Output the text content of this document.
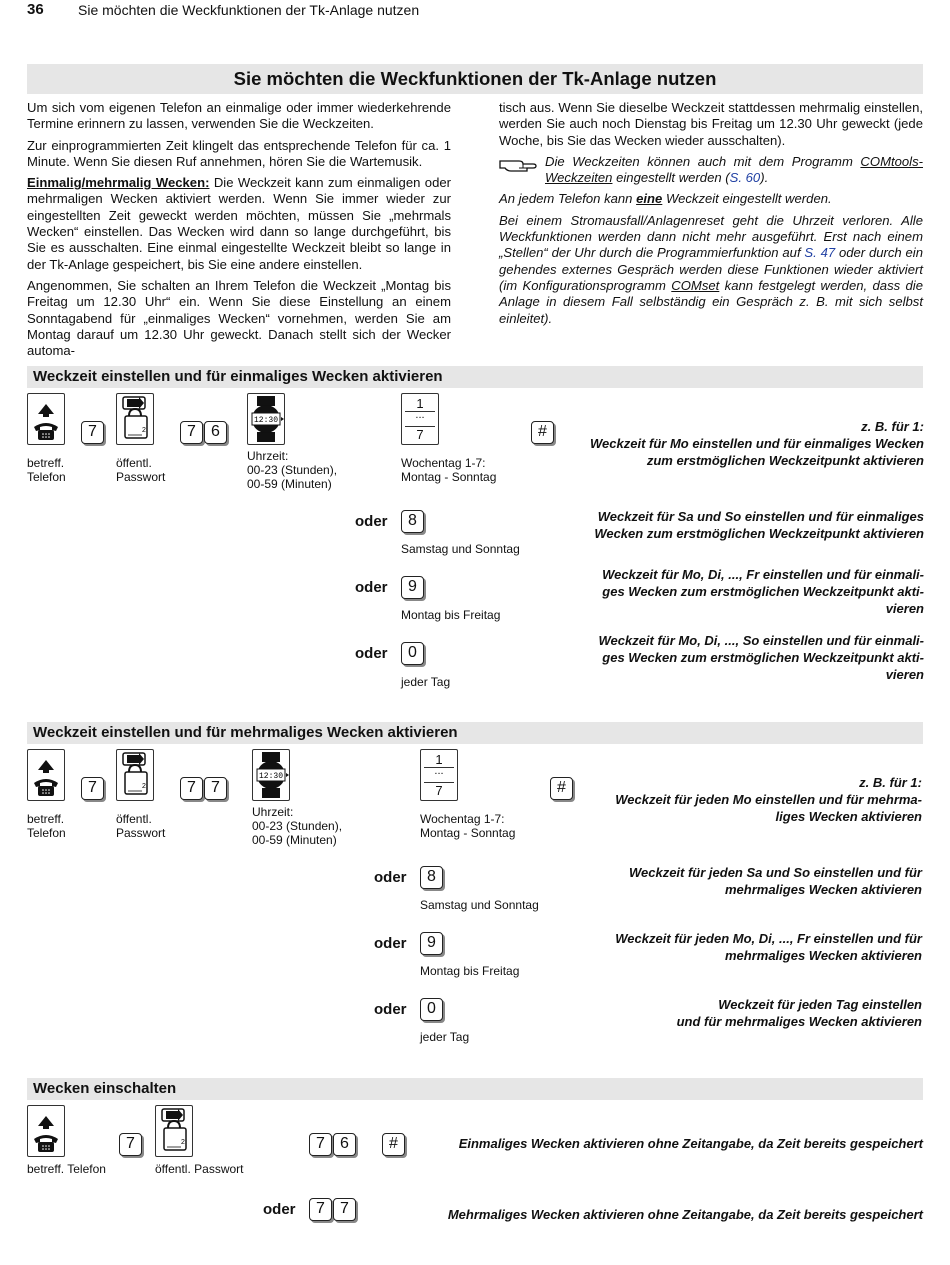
36 Sie möchten die Weckfunktionen der Tk-Anlage nutzen
Sie möchten die Weckfunktionen der Tk-Anlage nutzen

Um sich vom eigenen Telefon an einmalige oder immer wiederkehrende Termine erinnern zu lassen, verwenden Sie die Weckzeiten.

Zur einprogrammierten Zeit klingelt das entsprechende Telefon für ca. 1 Minute. Wenn Sie diesen Ruf annehmen, hören Sie die Wartemusik.

Einmalig/mehrmalig Wecken: Die Weckzeit kann zum einmaligen oder mehrmaligen Wecken aktiviert werden. Wenn Sie immer wieder zur eingestellten Zeit geweckt werden möchten, müssen Sie „mehrmals Wecken“ einstellen. Das Wecken wird dann so lange durchgeführt, bis Sie es ausschalten. Eine einmal eingestellte Weckzeit bleibt so lange in der Tk-Anlage gespeichert, bis Sie eine andere einstellen.

Angenommen, Sie schalten an Ihrem Telefon die Weckzeit „Montag bis Freitag um 12.30 Uhr“ ein. Wenn Sie diese Einstellung an einem Sonntagabend für „einmaliges Wecken“ vornehmen, werden Sie am Montag darauf um 12.30 Uhr geweckt. Danach stellt sich der Wecker automa-

tisch aus. Wenn Sie dieselbe Weckzeit stattdessen mehrmalig einstellen, werden Sie auch noch Dienstag bis Freitag um 12.30 Uhr geweckt (jede Woche, bis Sie das Wecken wieder ausschalten).

Die Weckzeiten können auch mit dem Programm COMtools-Weckzeiten eingestellt werden (S. 60).

An jedem Telefon kann eine Weckzeit eingestellt werden.

Bei einem Stromausfall/Anlagenreset geht die Uhrzeit verloren. Alle Weckfunktionen werden dann nicht mehr ausgeführt. Erst nach einem „Stellen“ der Uhr durch die Programmierfunktion auf S. 47 oder durch ein gehendes externes Gespräch werden diese Funktionen wieder aktiviert (im Konfigurationsprogramm COMset kann festgelegt werden, dass die Anlage in diesem Fall selbständig ein Gespräch z. B. mit sich selbst einleitet).

Weckzeit einstellen und für einmaliges Wecken aktivieren
betreff.
Telefon
7	2
öffentl.
Passwort
7 6
12:30
Uhrzeit:
00-23 (Stunden),
00-59 (Minuten)
1
...
7
Wochentag 1-7:
Montag - Sonntag
#	z. B. für 1:
Weckzeit für Mo einstellen und für einmaliges Wecken
zum erstmöglichen Weckzeitpunkt aktivieren
oder	8
Samstag und Sonntag
Weckzeit für Sa und So einstellen und für einmaliges
Wecken zum erstmöglichen Weckzeitpunkt aktivieren
oder	9
Montag bis Freitag
Weckzeit für Mo, Di, ..., Fr einstellen und für einmali-
ges Wecken zum erstmöglichen Weckzeitpunkt akti-
vieren
oder	0
jeder Tag
Weckzeit für Mo, Di, ..., So einstellen und für einmali-
ges Wecken zum erstmöglichen Weckzeitpunkt akti-
vieren
Weckzeit einstellen und für mehrmaliges Wecken aktivieren
betreff.
Telefon
7	2
öffentl.
Passwort
7 7
12:30
Uhrzeit:
00-23 (Stunden),
00-59 (Minuten)
1
...
7
Wochentag 1-7:
Montag - Sonntag
#	z. B. für 1:
Weckzeit für jeden Mo einstellen und für mehrma-
liges Wecken aktivieren
oder	8
Samstag und Sonntag
Weckzeit für jeden Sa und So einstellen und für
mehrmaliges Wecken aktivieren
oder	9
Montag bis Freitag
Weckzeit für jeden Mo, Di, ..., Fr einstellen und für
mehrmaliges Wecken aktivieren
oder	0
jeder Tag
Weckzeit für jeden Tag einstellen
und für mehrmaliges Wecken aktivieren
Wecken einschalten
betreff. Telefon
7	2
öffentl. Passwort
7 6	#	Einmaliges Wecken aktivieren ohne Zeitangabe, da Zeit bereits gespeichert
oder	7 7	Mehrmaliges Wecken aktivieren ohne Zeitangabe, da Zeit bereits gespeichert
